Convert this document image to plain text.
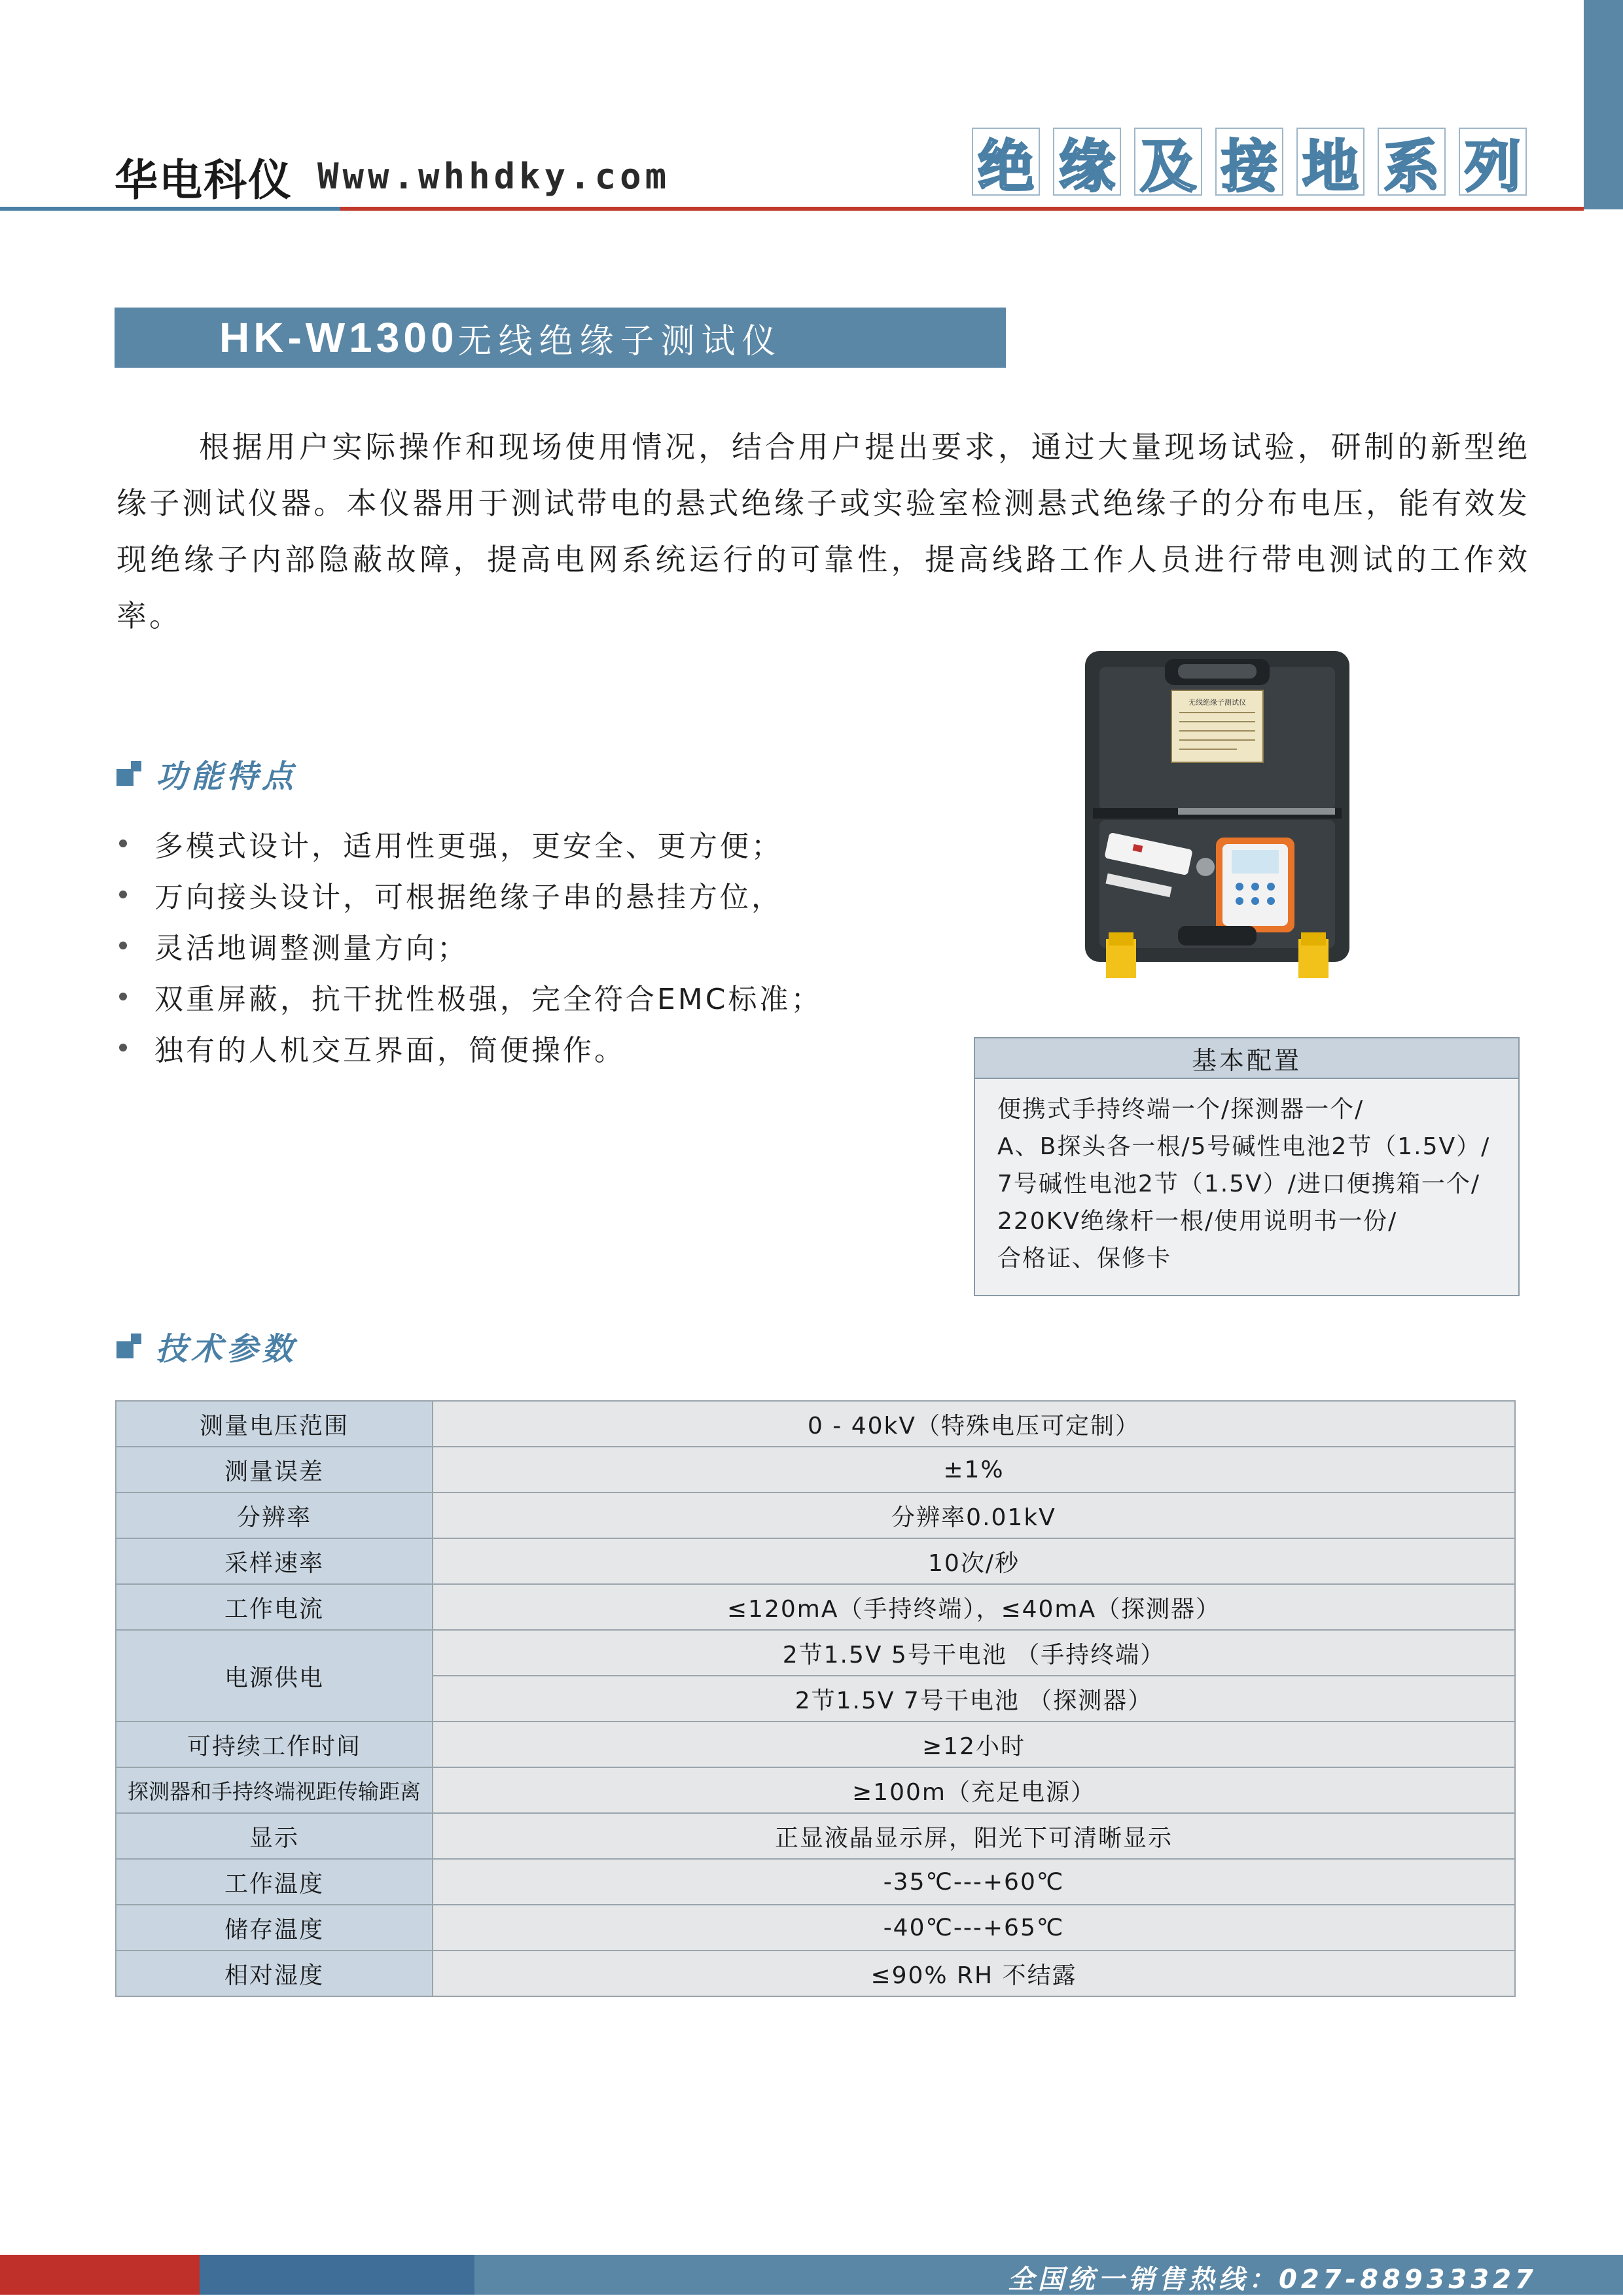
华电科仪 Www.whhdky.com	绝 缘 及 接 地 系 列
HK-W1300 无线绝缘子测试仪
根据用户实际操作和现场使用情况，结合用户提出要求，通过大量现场试验，研制的新型绝缘子测试仪器。本仪器用于测试带电的悬式绝缘子或实验室检测悬式绝缘子的分布电压，能有效发现绝缘子内部隐蔽故障，提高电网系统运行的可靠性，提高线路工作人员进行带电测试的工作效率。
功能特点
多模式设计，适用性更强，更安全、更方便；
万向接头设计，可根据绝缘子串的悬挂方位，
灵活地调整测量方向；
双重屏蔽，抗干扰性极强，完全符合EMC标准；
独有的人机交互界面，简便操作。
无线绝缘子测试仪
基本配置
便携式手持终端一个/探测器一个/
A、B探头各一根/5号碱性电池2节（1.5V）/
7号碱性电池2节（1.5V）/进口便携箱一个/
220KV绝缘杆一根/使用说明书一份/
合格证、保修卡
技术参数
测量电压范围	0 - 40kV（特殊电压可定制）
测量误差	±1%
分辨率	分辨率0.01kV
采样速率	10次/秒
工作电流	≤120mA（手持终端），≤40mA（探测器）
电源供电	2节1.5V 5号干电池 （手持终端）
	2节1.5V 7号干电池 （探测器）
可持续工作时间	≥12小时
探测器和手持终端视距传输距离	≥100m（充足电源）
显示	正显液晶显示屏，阳光下可清晰显示
工作温度	-35℃---+60℃
储存温度	-40℃---+65℃
相对湿度	≤90% RH 不结露
全国统一销售热线：027-88933327
